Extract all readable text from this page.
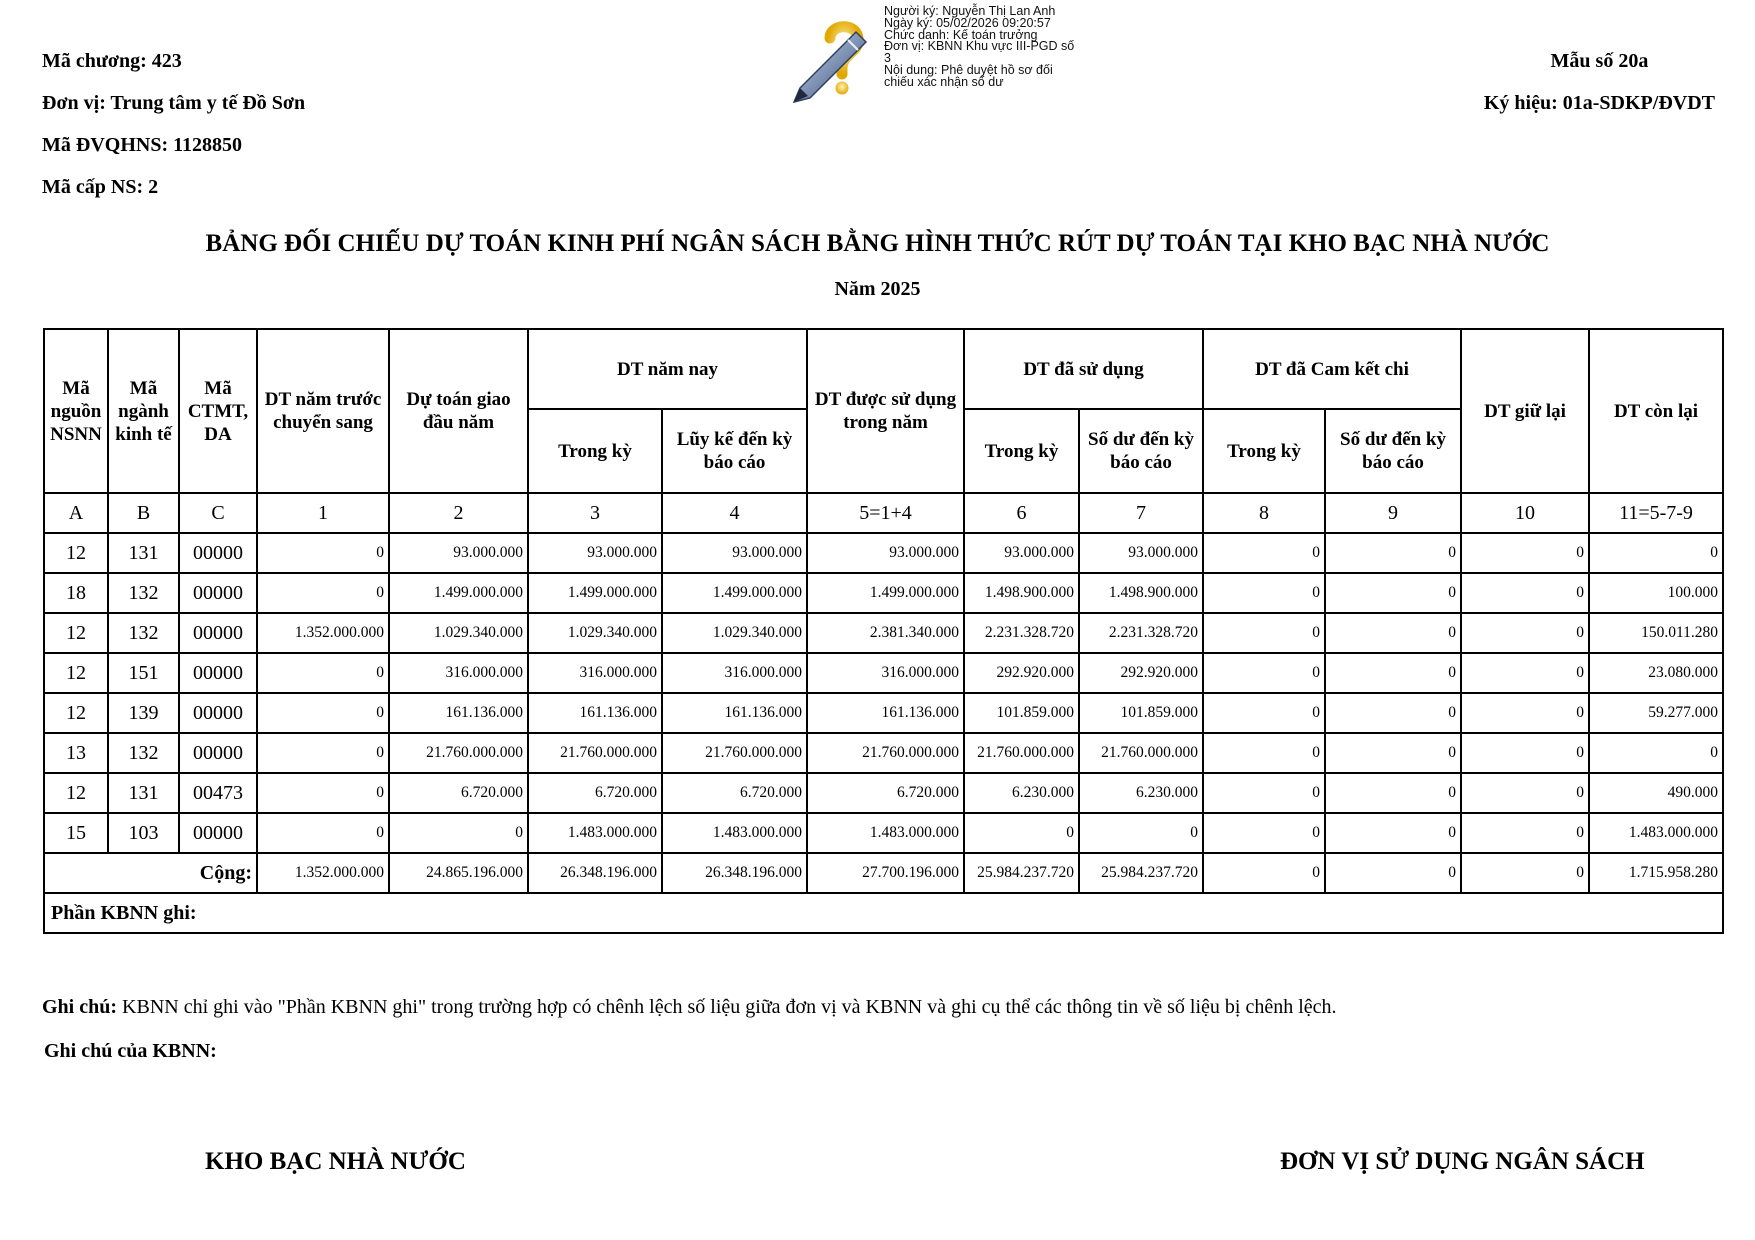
Mã chương: 423
Đơn vị: Trung tâm y tế Đồ Sơn
Mã ĐVQHNS: 1128850
Mã cấp NS: 2
Mẫu số 20a
Ký hiệu: 01a-SDKP/ĐVDT
Người ký: Nguyễn Thị Lan Anh
Ngày ký: 05/02/2026 09:20:57
Chức danh: Kế toán trưởng
Đơn vị: KBNN Khu vực III-PGD số 3
Nội dung: Phê duyệt hồ sơ đối chiếu xác nhận số dư
BẢNG ĐỐI CHIẾU DỰ TOÁN KINH PHÍ NGÂN SÁCH BẰNG HÌNH THỨC RÚT DỰ TOÁN TẠI KHO BẠC NHÀ NƯỚC
Năm 2025
Mã nguồn NSNN	Mã ngành kinh tế	Mã CTMT, DA	DT năm trước chuyển sang	Dự toán giao đầu năm	DT năm nay		DT được sử dụng trong năm	DT đã sử dụng		DT đã Cam kết chi		DT giữ lại	DT còn lại
					Trong kỳ	Lũy kế đến kỳ báo cáo		Trong kỳ	Số dư đến kỳ báo cáo	Trong kỳ	Số dư đến kỳ báo cáo		
A	B	C	1	2	3	4	5=1+4	6	7	8	9	10	11=5-7-9
12	131	00000	0	93.000.000	93.000.000	93.000.000	93.000.000	93.000.000	93.000.000	0	0	0	0
18	132	00000	0	1.499.000.000	1.499.000.000	1.499.000.000	1.499.000.000	1.498.900.000	1.498.900.000	0	0	0	100.000
12	132	00000	1.352.000.000	1.029.340.000	1.029.340.000	1.029.340.000	2.381.340.000	2.231.328.720	2.231.328.720	0	0	0	150.011.280
12	151	00000	0	316.000.000	316.000.000	316.000.000	316.000.000	292.920.000	292.920.000	0	0	0	23.080.000
12	139	00000	0	161.136.000	161.136.000	161.136.000	161.136.000	101.859.000	101.859.000	0	0	0	59.277.000
13	132	00000	0	21.760.000.000	21.760.000.000	21.760.000.000	21.760.000.000	21.760.000.000	21.760.000.000	0	0	0	0
12	131	00473	0	6.720.000	6.720.000	6.720.000	6.720.000	6.230.000	6.230.000	0	0	0	490.000
15	103	00000	0	0	1.483.000.000	1.483.000.000	1.483.000.000	0	0	0	0	0	1.483.000.000
Cộng:			1.352.000.000	24.865.196.000	26.348.196.000	26.348.196.000	27.700.196.000	25.984.237.720	25.984.237.720	0	0	0	1.715.958.280
Phần KBNN ghi:													
Ghi chú: KBNN chỉ ghi vào "Phần KBNN ghi" trong trường hợp có chênh lệch số liệu giữa đơn vị và KBNN và ghi cụ thể các thông tin về số liệu bị chênh lệch.
Ghi chú của KBNN:
KHO BẠC NHÀ NƯỚC	ĐƠN VỊ SỬ DỤNG NGÂN SÁCH
